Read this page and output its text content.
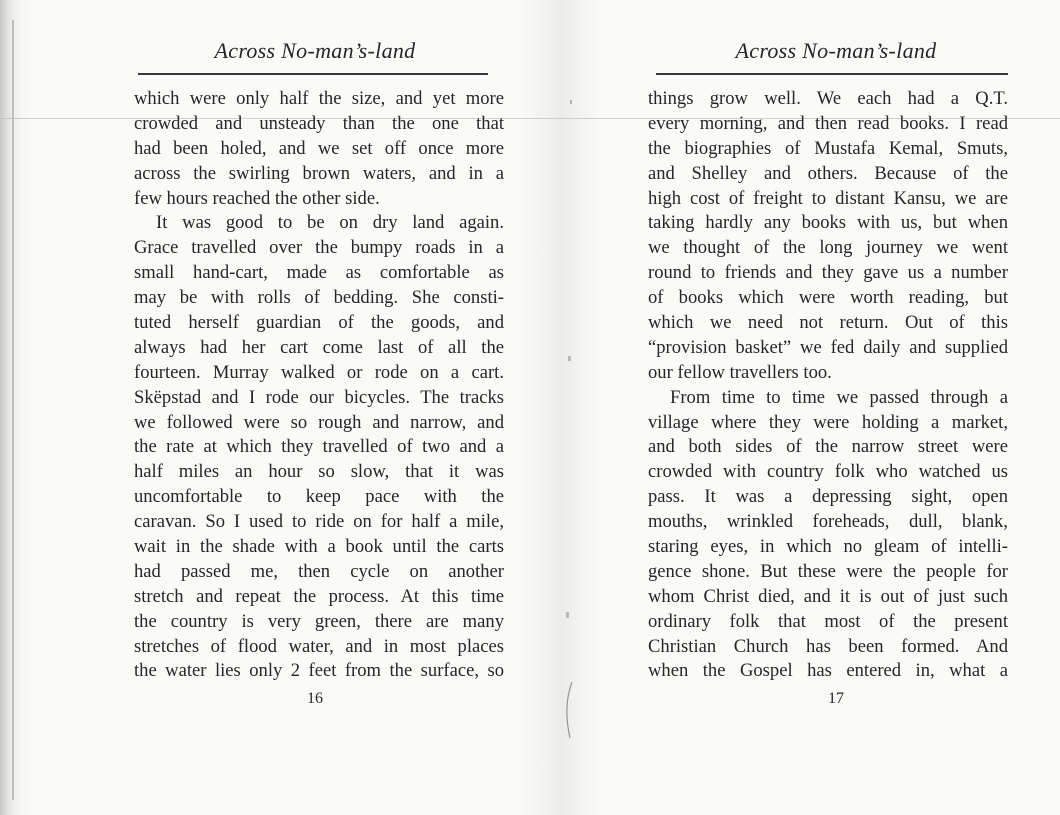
Across No-man’s-land
which were only half the size, and yet more
crowded and unsteady than the one that
had been holed, and we set off once more
across the swirling brown waters, and in a
few hours reached the other side.
It was good to be on dry land again.
Grace travelled over the bumpy roads in a
small hand-cart, made as comfortable as
may be with rolls of bedding. She consti-
tuted herself guardian of the goods, and
always had her cart come last of all the
fourteen. Murray walked or rode on a cart.
Skëpstad and I rode our bicycles. The tracks
we followed were so rough and narrow, and
the rate at which they travelled of two and a
half miles an hour so slow, that it was
uncomfortable to keep pace with the
caravan. So I used to ride on for half a mile,
wait in the shade with a book until the carts
had passed me, then cycle on another
stretch and repeat the process. At this time
the country is very green, there are many
stretches of flood water, and in most places
the water lies only 2 feet from the surface, so
16
Across No-man’s-land
things grow well. We each had a Q.T.
every morning, and then read books. I read
the biographies of Mustafa Kemal, Smuts,
and Shelley and others. Because of the
high cost of freight to distant Kansu, we are
taking hardly any books with us, but when
we thought of the long journey we went
round to friends and they gave us a number
of books which were worth reading, but
which we need not return. Out of this
“provision basket” we fed daily and supplied
our fellow travellers too.
From time to time we passed through a
village where they were holding a market,
and both sides of the narrow street were
crowded with country folk who watched us
pass. It was a depressing sight, open
mouths, wrinkled foreheads, dull, blank,
staring eyes, in which no gleam of intelli-
gence shone. But these were the people for
whom Christ died, and it is out of just such
ordinary folk that most of the present
Christian Church has been formed. And
when the Gospel has entered in, what a
17
